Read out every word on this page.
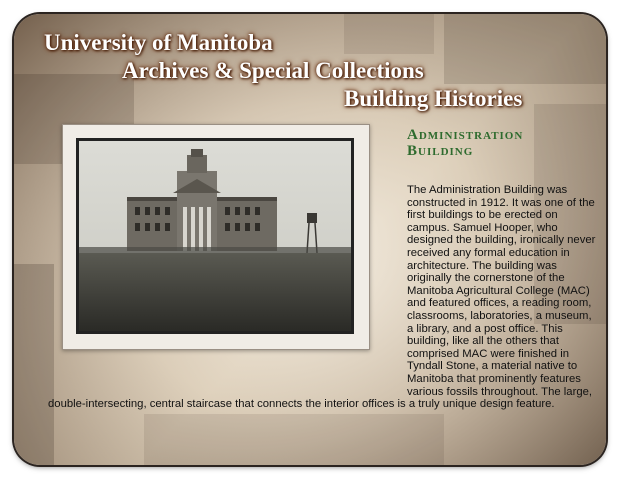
University of Manitoba
Archives & Special Collections
Building Histories
Administration
Building

The Administration Building was constructed in 1912. It was one of the first buildings to be erected on campus. Samuel Hooper, who designed the building, ironically never received any formal education in architecture. The building was originally the cornerstone of the Manitoba Agricultural College (MAC) and featured offices, a reading room, classrooms, laboratories, a museum, a library, and a post office. This building, like all the others that comprised MAC were finished in Tyndall Stone, a material native to Manitoba that prominently features various fossils throughout. The large, double-intersecting, central staircase that connects the interior offices is a truly unique design feature.
